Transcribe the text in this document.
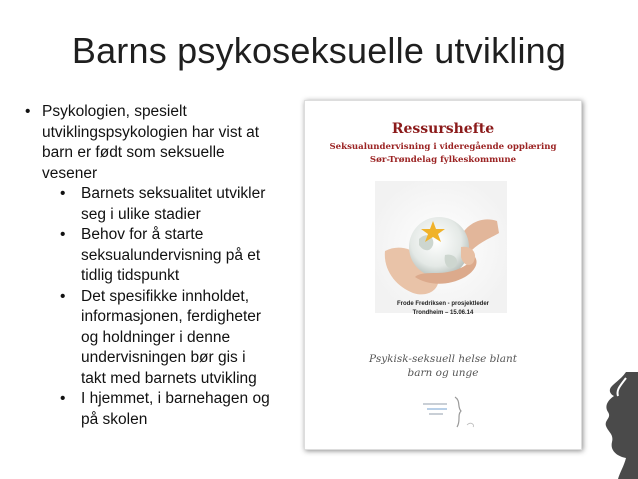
Barns psykoseksuelle utvikling
• Psykologien, spesielt
utviklingspsykologien har vist at
barn er født som seksuelle
vesener
• Barnets seksualitet utvikler
seg i ulike stadier
• Behov for å starte
seksualundervisning på et
tidlig tidspunkt
• Det spesifikke innholdet,
informasjonen, ferdigheter
og holdninger i denne
undervisningen bør gis i
takt med barnets utvikling
• I hjemmet, i barnehagen og
på skolen
Ressurshefte
Seksualundervisning i videregående opplæring
Sør-Trøndelag fylkeskommune
Frode Fredriksen - prosjektleder
Trondheim – 15.06.14
Psykisk-seksuell helse blant
barn og unge
